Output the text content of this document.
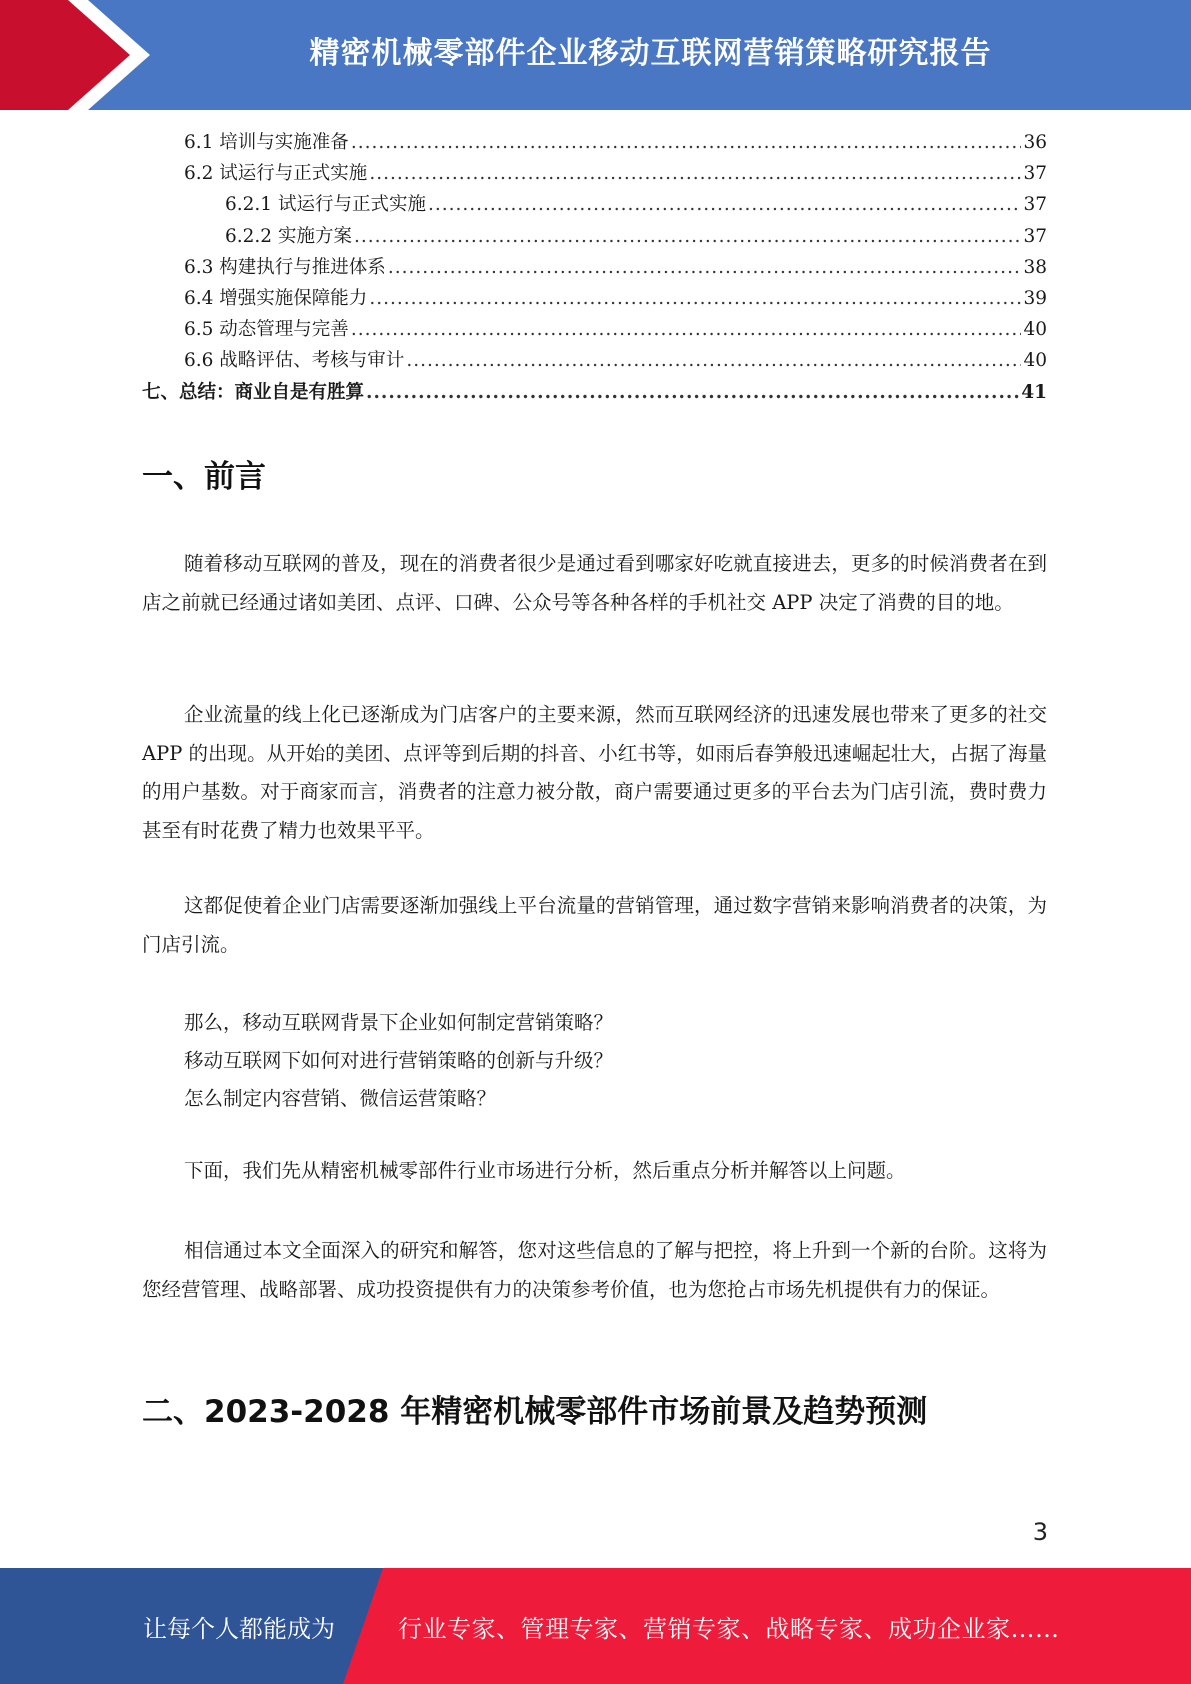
精密机械零部件企业移动互联网营销策略研究报告
6.1 培训与实施准备 .....	36
6.2 试运行与正式实施 .....	37
6.2.1 试运行与正式实施 .....	37
6.2.2 实施方案 .....	37
6.3 构建执行与推进体系 .....	38
6.4 增强实施保障能力 .....	39
6.5 动态管理与完善 .....	40
6.6 战略评估、考核与审计 .....	40
七、总结：商业自是有胜算 .....	41
一、前言

随着移动互联网的普及，现在的消费者很少是通过看到哪家好吃就直接进去，更多的时候消费者在到店之前就已经通过诸如美团、点评、口碑、公众号等各种各样的手机社交 APP 决定了消费的目的地。

企业流量的线上化已逐渐成为门店客户的主要来源，然而互联网经济的迅速发展也带来了更多的社交 APP 的出现。从开始的美团、点评等到后期的抖音、小红书等，如雨后春笋般迅速崛起壮大，占据了海量的用户基数。对于商家而言，消费者的注意力被分散，商户需要通过更多的平台去为门店引流，费时费力甚至有时花费了精力也效果平平。

这都促使着企业门店需要逐渐加强线上平台流量的营销管理，通过数字营销来影响消费者的决策，为门店引流。

那么，移动互联网背景下企业如何制定营销策略？

移动互联网下如何对进行营销策略的创新与升级？

怎么制定内容营销、微信运营策略？

下面，我们先从精密机械零部件行业市场进行分析，然后重点分析并解答以上问题。

相信通过本文全面深入的研究和解答，您对这些信息的了解与把控，将上升到一个新的台阶。这将为您经营管理、战略部署、成功投资提供有力的决策参考价值，也为您抢占市场先机提供有力的保证。

二、2023-2028 年精密机械零部件市场前景及趋势预测
3
让每个人都能成为	行业专家、管理专家、营销专家、战略专家、成功企业家……
